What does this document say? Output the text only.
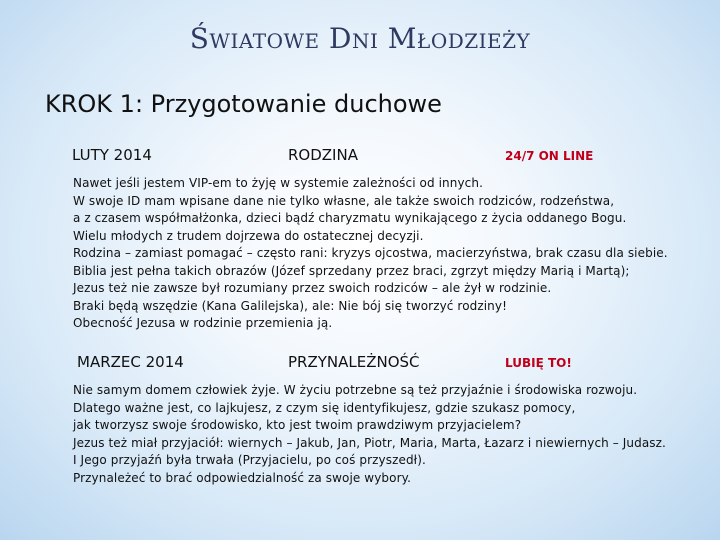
Światowe Dni Młodzieży
KROK 1: Przygotowanie duchowe
LUTY 2014	RODZINA	24/7 ON LINE
Nawet jeśli jestem VIP-em to żyję w systemie zależności od innych.
W swoje ID mam wpisane dane nie tylko własne, ale także swoich rodziców, rodzeństwa,
a z czasem współmałżonka, dzieci bądź charyzmatu wynikającego z życia oddanego Bogu.
Wielu młodych z trudem dojrzewa do ostatecznej decyzji.
Rodzina – zamiast pomagać – często rani: kryzys ojcostwa, macierzyństwa, brak czasu dla siebie.
Biblia jest pełna takich obrazów (Józef sprzedany przez braci, zgrzyt między Marią i Martą);
Jezus też nie zawsze był rozumiany przez swoich rodziców – ale żył w rodzinie.
Braki będą wszędzie (Kana Galilejska), ale: Nie bój się tworzyć rodziny!
Obecność Jezusa w rodzinie przemienia ją.
MARZEC 2014	PRZYNALEŻNOŚĆ	LUBIĘ TO!
Nie samym domem człowiek żyje. W życiu potrzebne są też przyjaźnie i środowiska rozwoju.
Dlatego ważne jest, co lajkujesz, z czym się identyfikujesz, gdzie szukasz pomocy,
jak tworzysz swoje środowisko, kto jest twoim prawdziwym przyjacielem?
Jezus też miał przyjaciół: wiernych – Jakub, Jan, Piotr, Maria, Marta, Łazarz i niewiernych – Judasz.
I Jego przyjaźń była trwała (Przyjacielu, po coś przyszedł).
Przynależeć to brać odpowiedzialność za swoje wybory.
